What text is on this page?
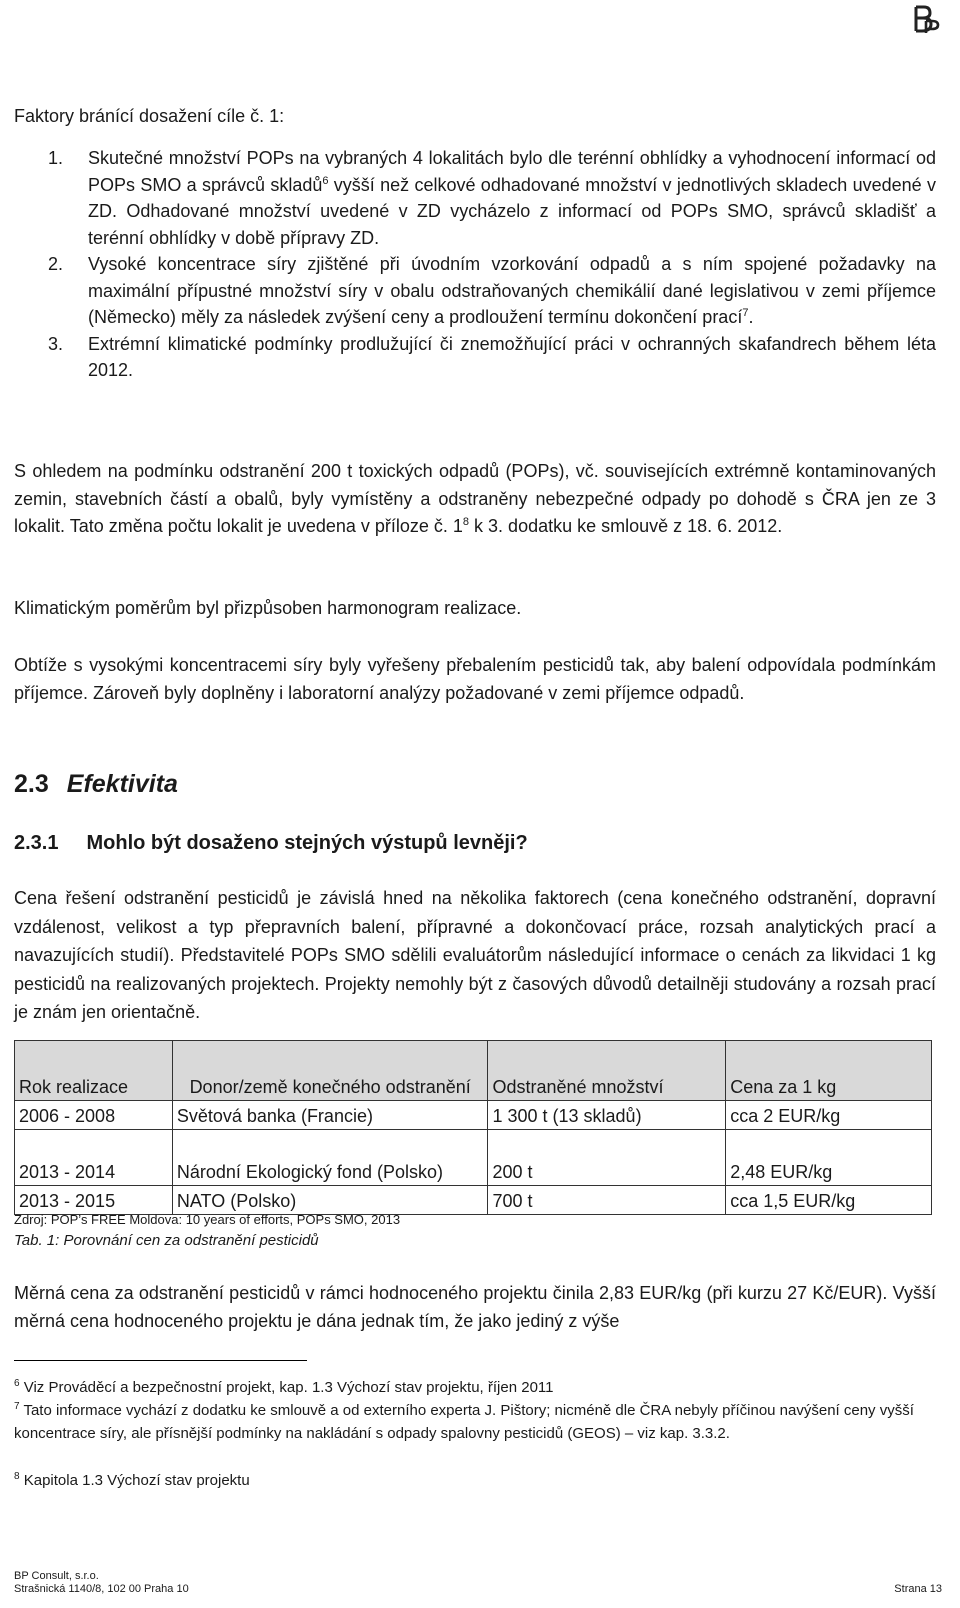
Faktory bránící dosažení cíle č. 1:
1. Skutečné množství POPs na vybraných 4 lokalitách bylo dle terénní obhlídky a vyhodnocení informací od POPs SMO a správců skladů$^6$ vyšší než celkové odhadované množství v jednotlivých skladech uvedené v ZD. Odhadované množství uvedené v ZD vycházelo z informací od POPs SMO, správců skladišť a terénní obhlídky v době přípravy ZD.
2. Vysoké koncentrace síry zjištěné při úvodním vzorkování odpadů a s ním spojené požadavky na maximální přípustné množství síry v obalu odstraňovaných chemikálií dané legislativou v zemi příjemce (Německo) měly za následek zvýšení ceny a prodloužení termínu dokončení prací$^7$.
3. Extrémní klimatické podmínky prodlužující či znemožňující práci v ochranných skafandrech během léta 2012.
S ohledem na podmínku odstranění 200 t toxických odpadů (POPs), vč. souvisejících extrémně kontaminovaných zemin, stavebních částí a obalů, byly vymístěny a odstraněny nebezpečné odpady po dohodě s ČRA jen ze 3 lokalit. Tato změna počtu lokalit je uvedena v příloze č. $1^8$ k 3. dodatku ke smlouvě z 18. 6. 2012.
Klimatickým poměrům byl přizpůsoben harmonogram realizace.
Obtíže s vysokými koncentracemi síry byly vyřešeny přebalením pesticidů tak, aby balení odpovídala podmínkám příjemce. Zároveň byly doplněny i laboratorní analýzy požadované v zemi příjemce odpadů.
2.3 Efektivita
2.3.1 Mohlo být dosaženo stejných výstupů levněji?
Cena řešení odstranění pesticidů je závislá hned na několika faktorech (cena konečného odstranění, dopravní vzdálenost, velikost a typ přepravních balení, přípravné a dokončovací práce, rozsah analytických prací a navazujících studií). Představitelé POPs SMO sdělili evaluátorům následující informace o cenách za likvidaci 1 kg pesticidů na realizovaných projektech. Projekty nemohly být z časových důvodů detailněji studovány a rozsah prací je znám jen orientačně.
Rok realizace	Donor/země konečného odstranění	Odstraněné množství	Cena za 1 kg
2006 - 2008	Světová banka (Francie)	1 300 t (13 skladů)	cca 2 EUR/kg
2013 - 2014	Národní Ekologický fond (Polsko)	200 t	2,48 EUR/kg
2013 - 2015	NATO (Polsko)	700 t	cca 1,5 EUR/kg
Zdroj: POP’s FREE Moldova: 10 years of efforts, POPs SMO, 2013
Tab. 1: Porovnání cen za odstranění pesticidů
Měrná cena za odstranění pesticidů v rámci hodnoceného projektu činila 2,83 EUR/kg (při kurzu 27 Kč/EUR). Vyšší měrná cena hodnoceného projektu je dána jednak tím, že jako jediný z výše
$^6$ Viz Prováděcí a bezpečnostní projekt, kap. 1.3 Výchozí stav projektu, říjen 2011
$^7$ Tato informace vychází z dodatku ke smlouvě a od externího experta J. Pištory; nicméně dle ČRA nebyly příčinou navýšení ceny vyšší koncentrace síry, ale přísnější podmínky na nakládání s odpady spalovny pesticidů (GEOS) – viz kap. 3.3.2.
$^8$ Kapitola 1.3 Výchozí stav projektu
BP Consult, s.r.o.
Strašnická 1140/8, 102 00 Praha 10	Strana 13
